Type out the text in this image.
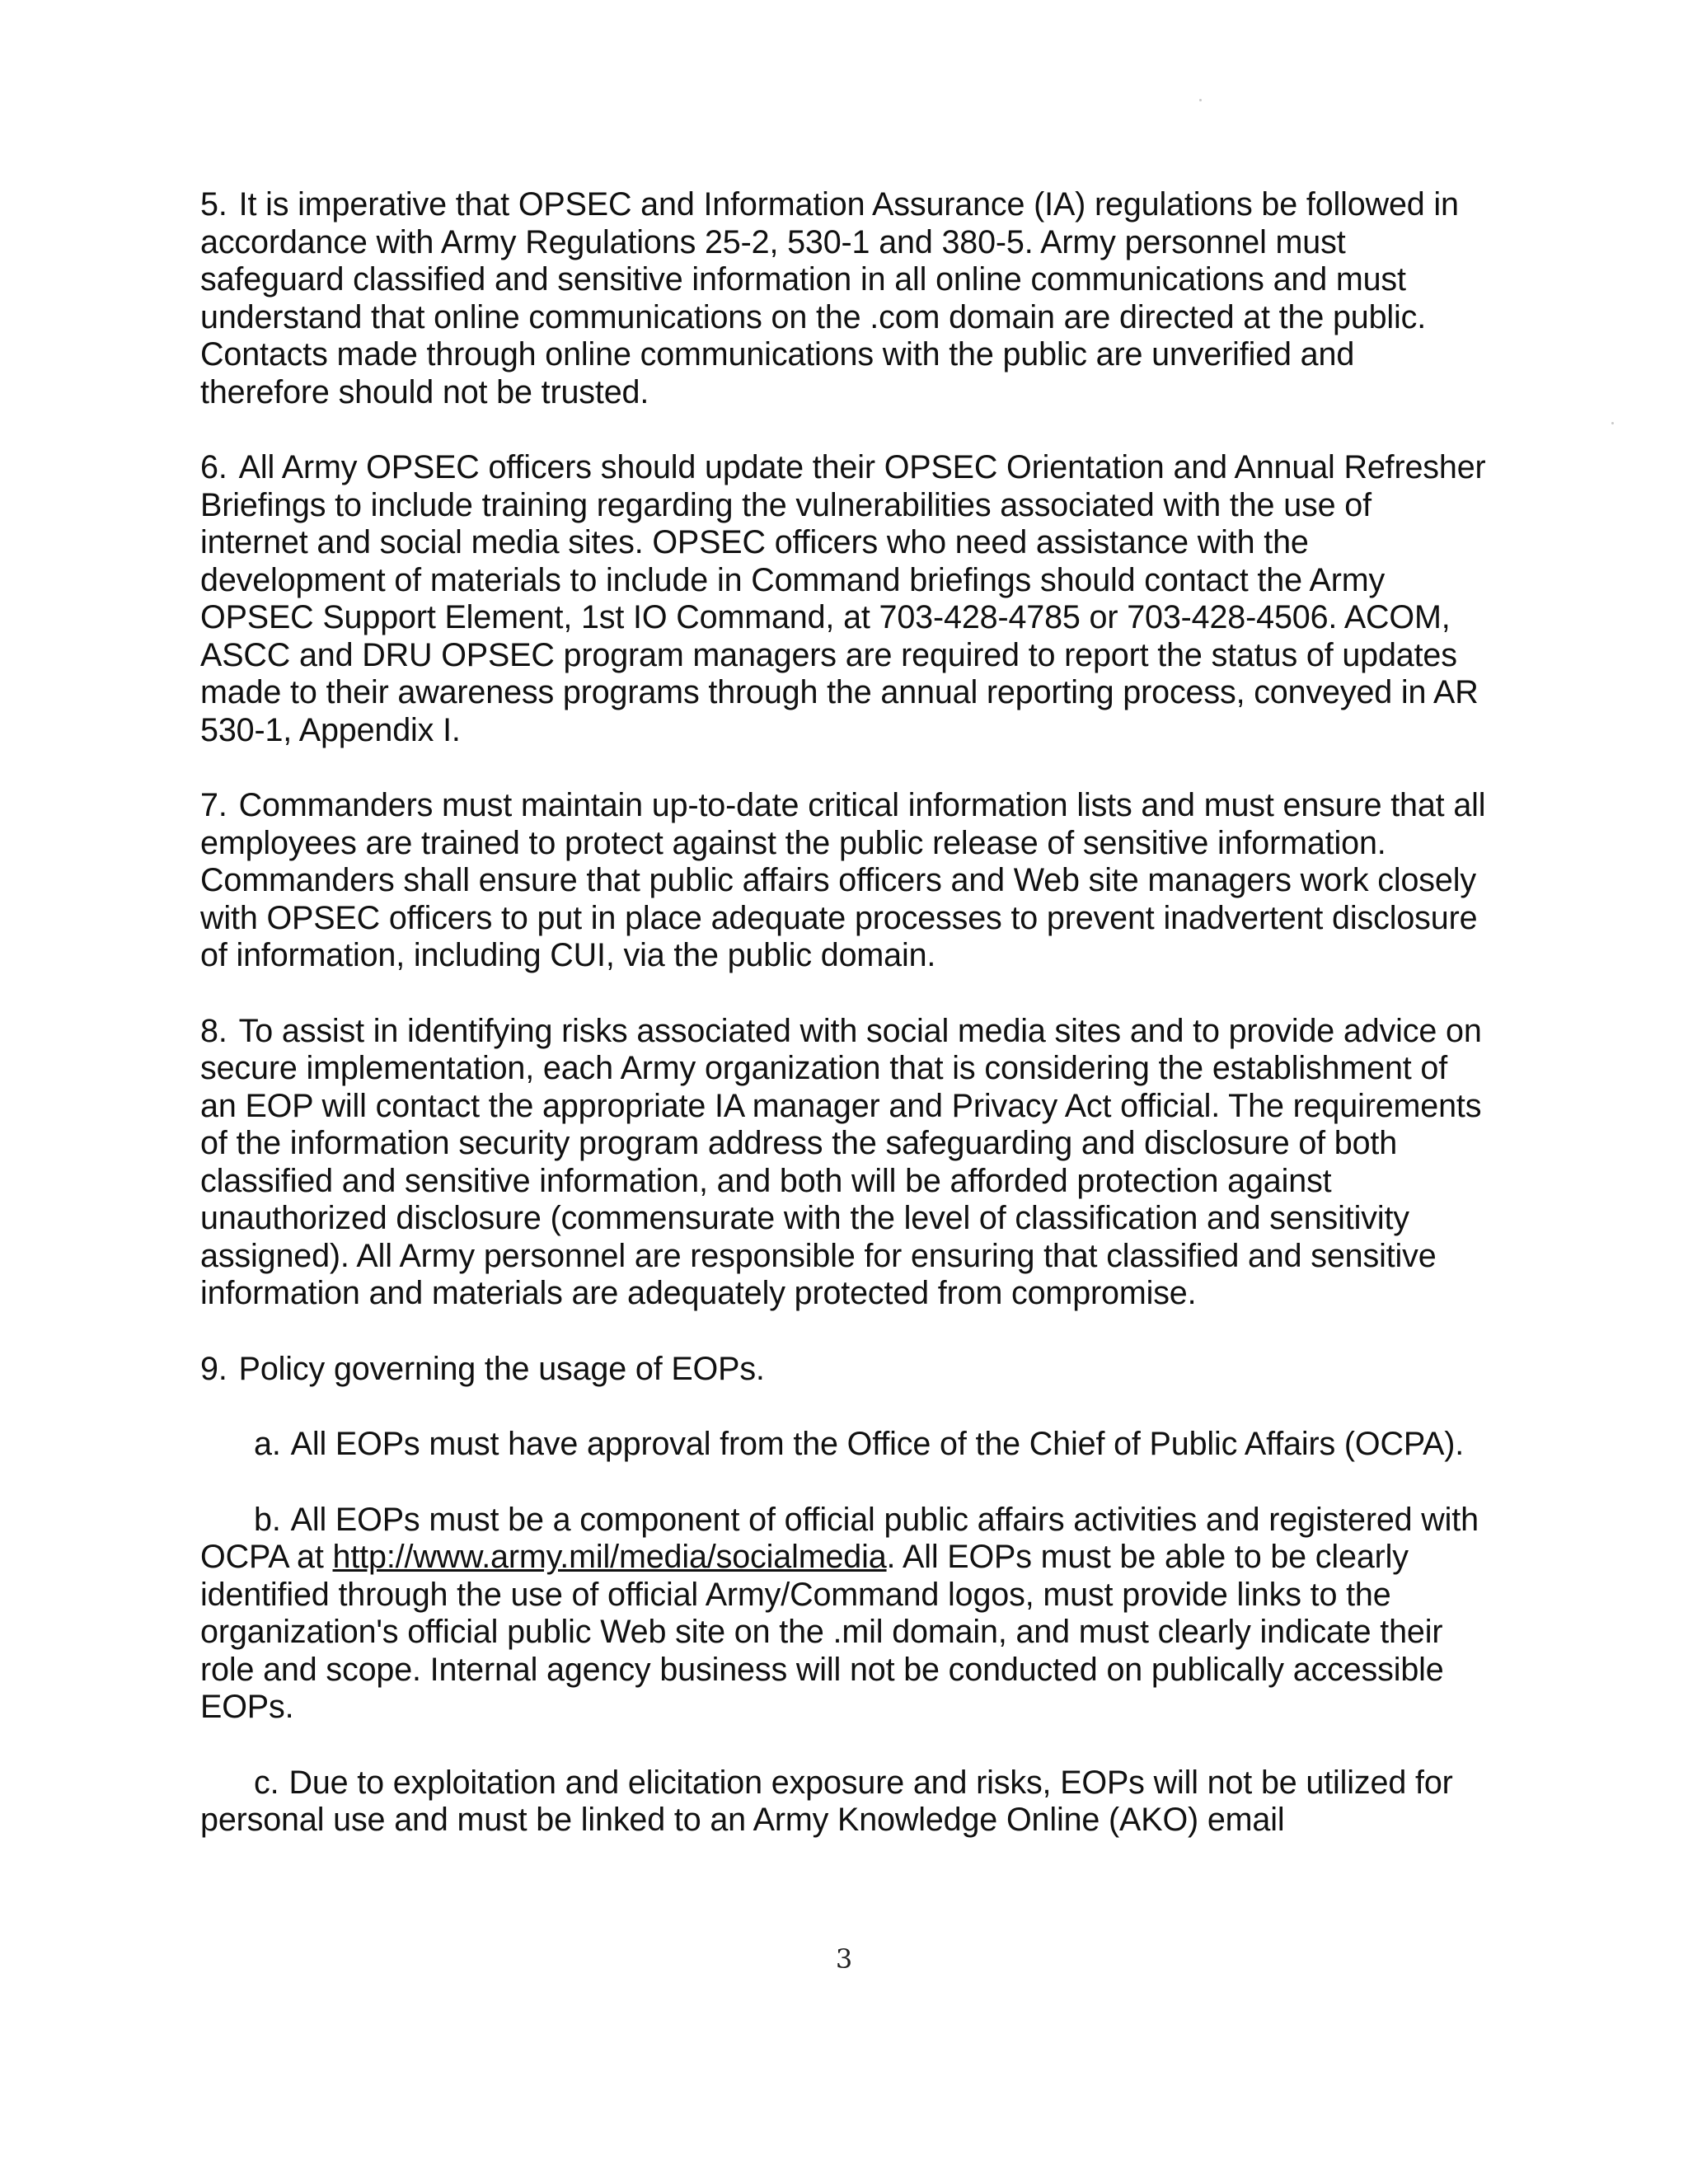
5. It is imperative that OPSEC and Information Assurance (IA) regulations be followed in accordance with Army Regulations 25-2, 530-1 and 380-5. Army personnel must safeguard classified and sensitive information in all online communications and must understand that online communications on the .com domain are directed at the public. Contacts made through online communications with the public are unverified and therefore should not be trusted.

6. All Army OPSEC officers should update their OPSEC Orientation and Annual Refresher Briefings to include training regarding the vulnerabilities associated with the use of internet and social media sites. OPSEC officers who need assistance with the development of materials to include in Command briefings should contact the Army OPSEC Support Element, 1st IO Command, at 703-428-4785 or 703-428-4506. ACOM, ASCC and DRU OPSEC program managers are required to report the status of updates made to their awareness programs through the annual reporting process, conveyed in AR 530-1, Appendix I.

7. Commanders must maintain up-to-date critical information lists and must ensure that all employees are trained to protect against the public release of sensitive information. Commanders shall ensure that public affairs officers and Web site managers work closely with OPSEC officers to put in place adequate processes to prevent inadvertent disclosure of information, including CUI, via the public domain.

8. To assist in identifying risks associated with social media sites and to provide advice on secure implementation, each Army organization that is considering the establishment of an EOP will contact the appropriate IA manager and Privacy Act official. The requirements of the information security program address the safeguarding and disclosure of both classified and sensitive information, and both will be afforded protection against unauthorized disclosure (commensurate with the level of classification and sensitivity assigned). All Army personnel are responsible for ensuring that classified and sensitive information and materials are adequately protected from compromise.

9. Policy governing the usage of EOPs.

a. All EOPs must have approval from the Office of the Chief of Public Affairs (OCPA).

b. All EOPs must be a component of official public affairs activities and registered with OCPA at http://www.army.mil/media/socialmedia. All EOPs must be able to be clearly identified through the use of official Army/Command logos, must provide links to the organization's official public Web site on the .mil domain, and must clearly indicate their role and scope. Internal agency business will not be conducted on publically accessible EOPs.

c. Due to exploitation and elicitation exposure and risks, EOPs will not be utilized for personal use and must be linked to an Army Knowledge Online (AKO) email

3
